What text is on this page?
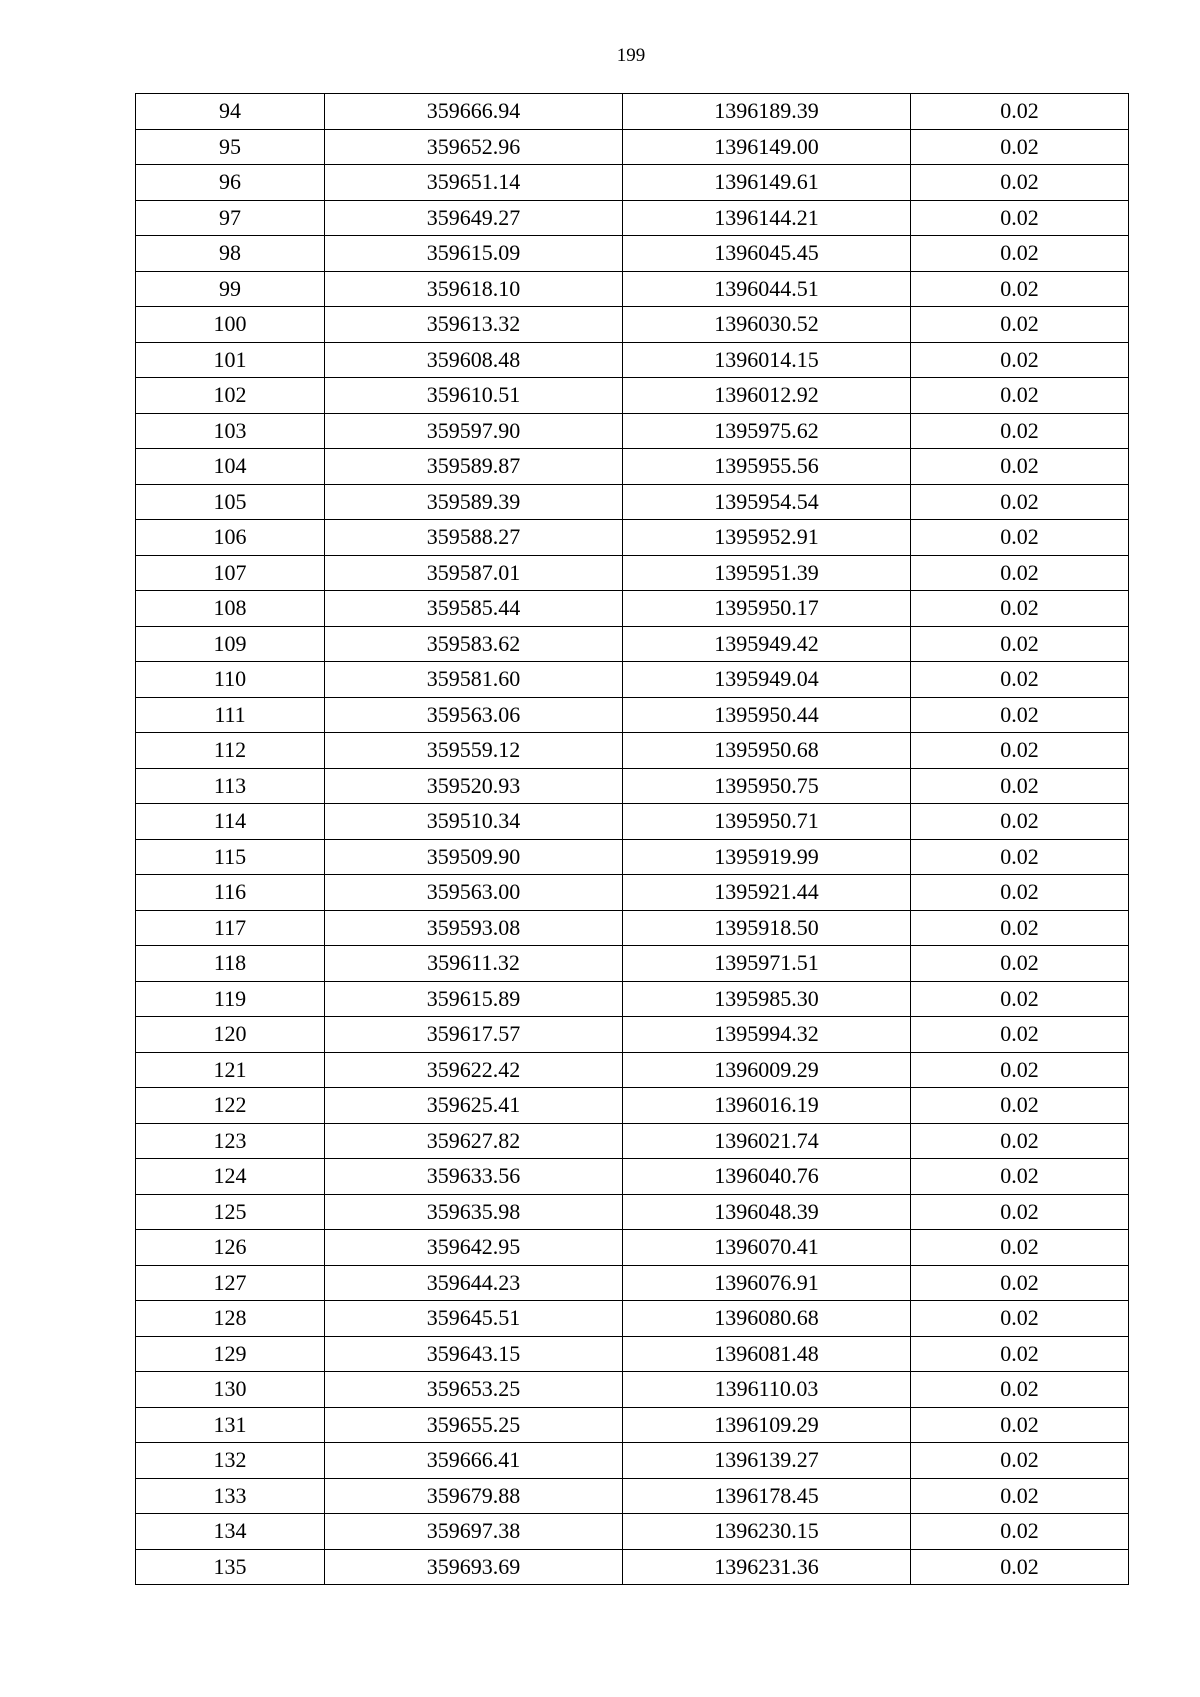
199
94	359666.94	1396189.39	0.02
95	359652.96	1396149.00	0.02
96	359651.14	1396149.61	0.02
97	359649.27	1396144.21	0.02
98	359615.09	1396045.45	0.02
99	359618.10	1396044.51	0.02
100	359613.32	1396030.52	0.02
101	359608.48	1396014.15	0.02
102	359610.51	1396012.92	0.02
103	359597.90	1395975.62	0.02
104	359589.87	1395955.56	0.02
105	359589.39	1395954.54	0.02
106	359588.27	1395952.91	0.02
107	359587.01	1395951.39	0.02
108	359585.44	1395950.17	0.02
109	359583.62	1395949.42	0.02
110	359581.60	1395949.04	0.02
111	359563.06	1395950.44	0.02
112	359559.12	1395950.68	0.02
113	359520.93	1395950.75	0.02
114	359510.34	1395950.71	0.02
115	359509.90	1395919.99	0.02
116	359563.00	1395921.44	0.02
117	359593.08	1395918.50	0.02
118	359611.32	1395971.51	0.02
119	359615.89	1395985.30	0.02
120	359617.57	1395994.32	0.02
121	359622.42	1396009.29	0.02
122	359625.41	1396016.19	0.02
123	359627.82	1396021.74	0.02
124	359633.56	1396040.76	0.02
125	359635.98	1396048.39	0.02
126	359642.95	1396070.41	0.02
127	359644.23	1396076.91	0.02
128	359645.51	1396080.68	0.02
129	359643.15	1396081.48	0.02
130	359653.25	1396110.03	0.02
131	359655.25	1396109.29	0.02
132	359666.41	1396139.27	0.02
133	359679.88	1396178.45	0.02
134	359697.38	1396230.15	0.02
135	359693.69	1396231.36	0.02
